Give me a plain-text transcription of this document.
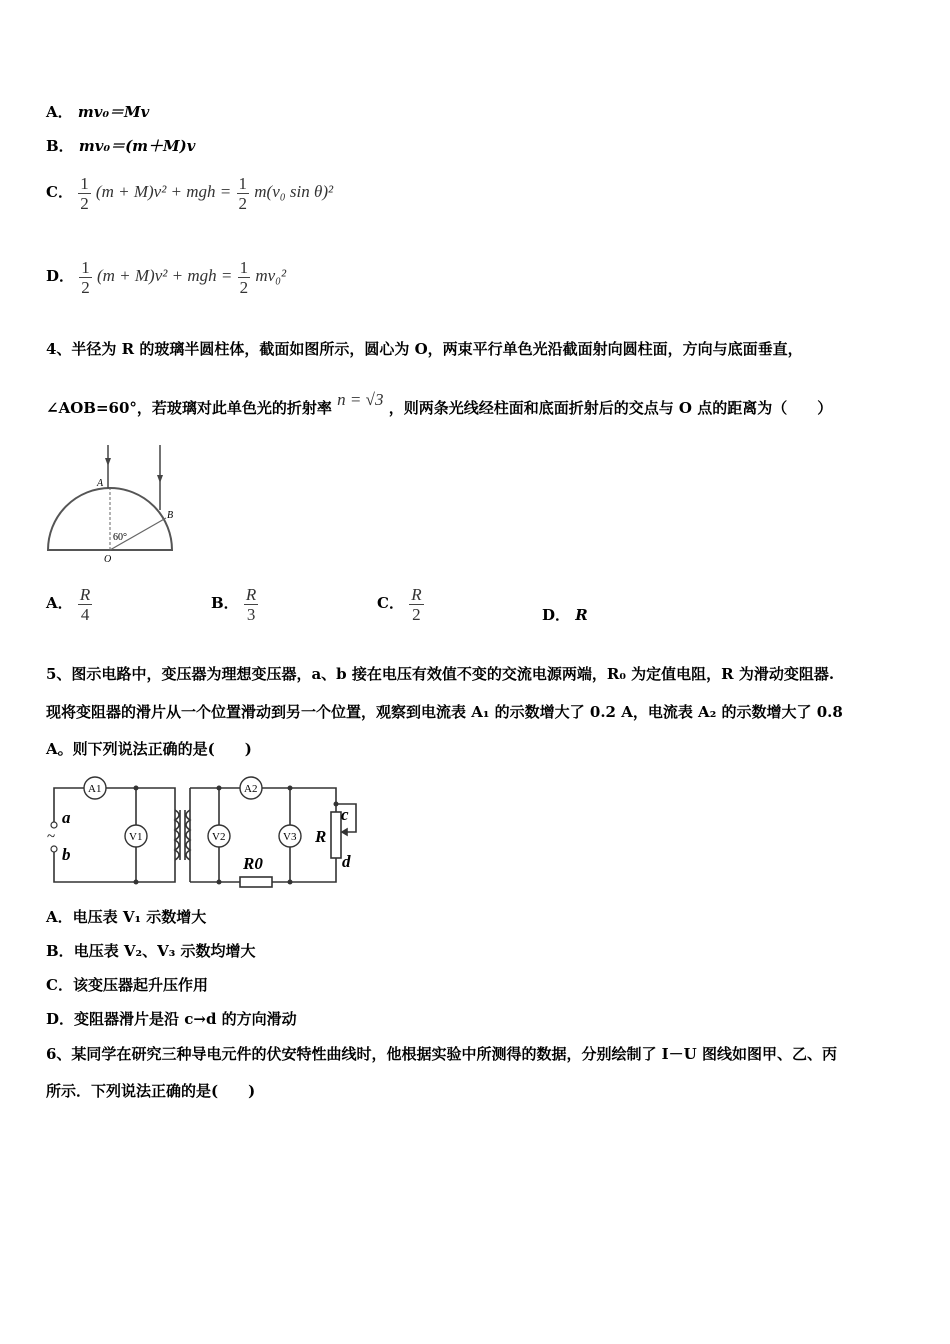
A． mv₀＝Mv
B． mv₀＝(m＋M)v
C． $\frac{1}{2} (m + M)v^2$ + mgh = $\frac{1}{2} m(v_0$ sin θ)²
D． $\frac{1}{2} (m + M)v^2$ + mgh = $\frac{1}{2} mv_0^2$
4、半径为 R 的玻璃半圆柱体，截面如图所示，圆心为 O，两束平行单色光沿截面射向圆柱面，方向与底面垂直，
∠AOB=60°，若玻璃对此单色光的折射率 n = √3 ，则两条光线经柱面和底面折射后的交点与 O 点的距离为（　　）
A
B
O
60°
A． $\frac{R}{4}$	B． $\frac{R}{3}$	C． $\frac{R}{2}$	D． R
5、图示电路中，变压器为理想变压器，a、b 接在电压有效值不变的交流电源两端，R₀ 为定值电阻，R 为滑动变阻器.
现将变阻器的滑片从一个位置滑动到另一个位置，观察到电流表 A₁ 的示数增大了 0.2 A，电流表 A₂ 的示数增大了 0.8
A。则下列说法正确的是(　　)
A1
V1	V2
A2
V3
a
b	R0
R
c
d
~
A．电压表 V₁ 示数增大
B．电压表 V₂、V₃ 示数均增大
C．该变压器起升压作用
D．变阻器滑片是沿 c→d 的方向滑动
6、某同学在研究三种导电元件的伏安特性曲线时，他根据实验中所测得的数据，分别绘制了 I－U 图线如图甲、乙、丙
所示．下列说法正确的是(　　)
